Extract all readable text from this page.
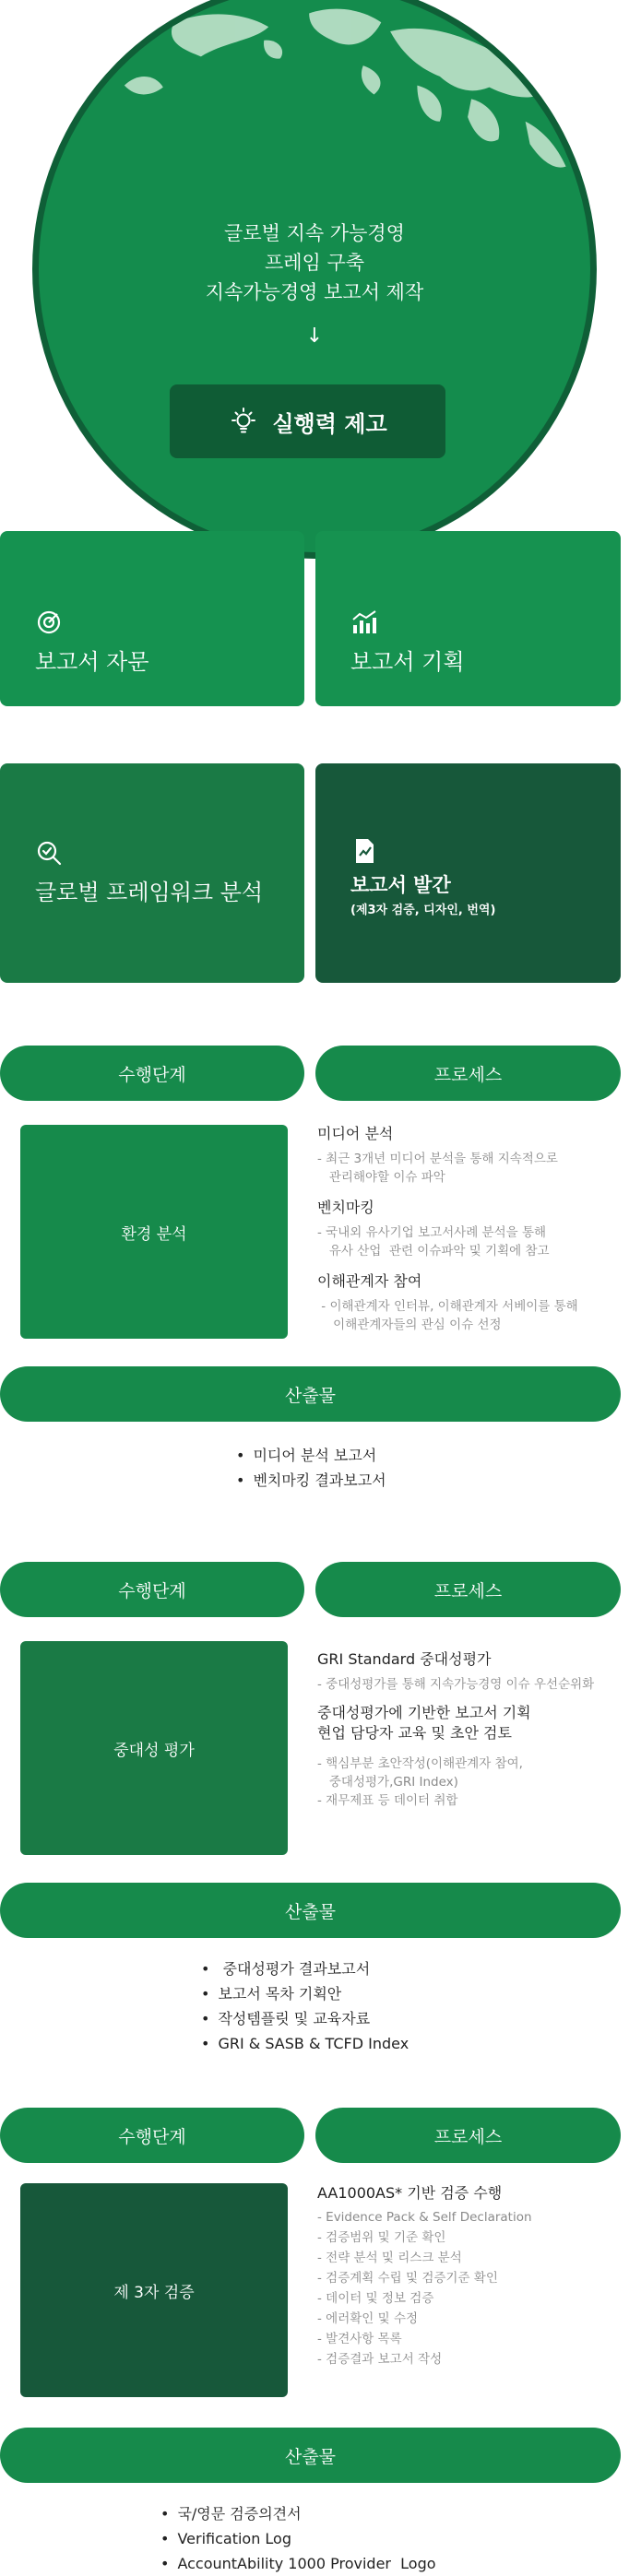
글로벌 지속 가능경영
프레임 구축
지속가능경영 보고서 제작
↓
실행력 제고
보고서 자문	보고서 기획
글로벌 프레임워크 분석	보고서 발간
(제3자 검증, 디자인, 번역)
수행단계	프로세스
환경 분석
미디어 분석
- 최근 3개년 미디어 분석을 통해 지속적으로
관리해야할 이슈 파악
벤치마킹
- 국내외 유사기업 보고서사례 분석을 통해
유사 산업  관련 이슈파악 및 기획에 참고
이해관계자 참여
- 이해관계자 인터뷰, 이해관계자 서베이를 통해
이해관계자들의 관심 이슈 선정
산출물
• 미디어 분석 보고서
• 벤치마킹 결과보고서
수행단계	프로세스
중대성 평가
GRI Standard 중대성평가
- 중대성평가를 통해 지속가능경영 이슈 우선순위화
중대성평가에 기반한 보고서 기획
현업 담당자 교육 및 초안 검토
- 핵심부분 초안작성(이해관계자 참여,
중대성평가,GRI Index)
- 재무제표 등 데이터 취합
산출물
•  중대성평가 결과보고서
• 보고서 목차 기획안
• 작성템플릿 및 교육자료
• GRI & SASB & TCFD Index
수행단계	프로세스
제 3자 검증
AA1000AS* 기반 검증 수행
- Evidence Pack & Self Declaration
- 검증범위 및 기준 확인
- 전략 분석 및 리스크 분석
- 검증계획 수립 및 검증기준 확인
- 데이터 및 정보 검증
- 에러확인 및 수정
- 발견사항 목록
- 검증결과 보고서 작성
산출물
• 국/영문 검증의견서
• Verification Log
• AccountAbility 1000 Provider  Logo
